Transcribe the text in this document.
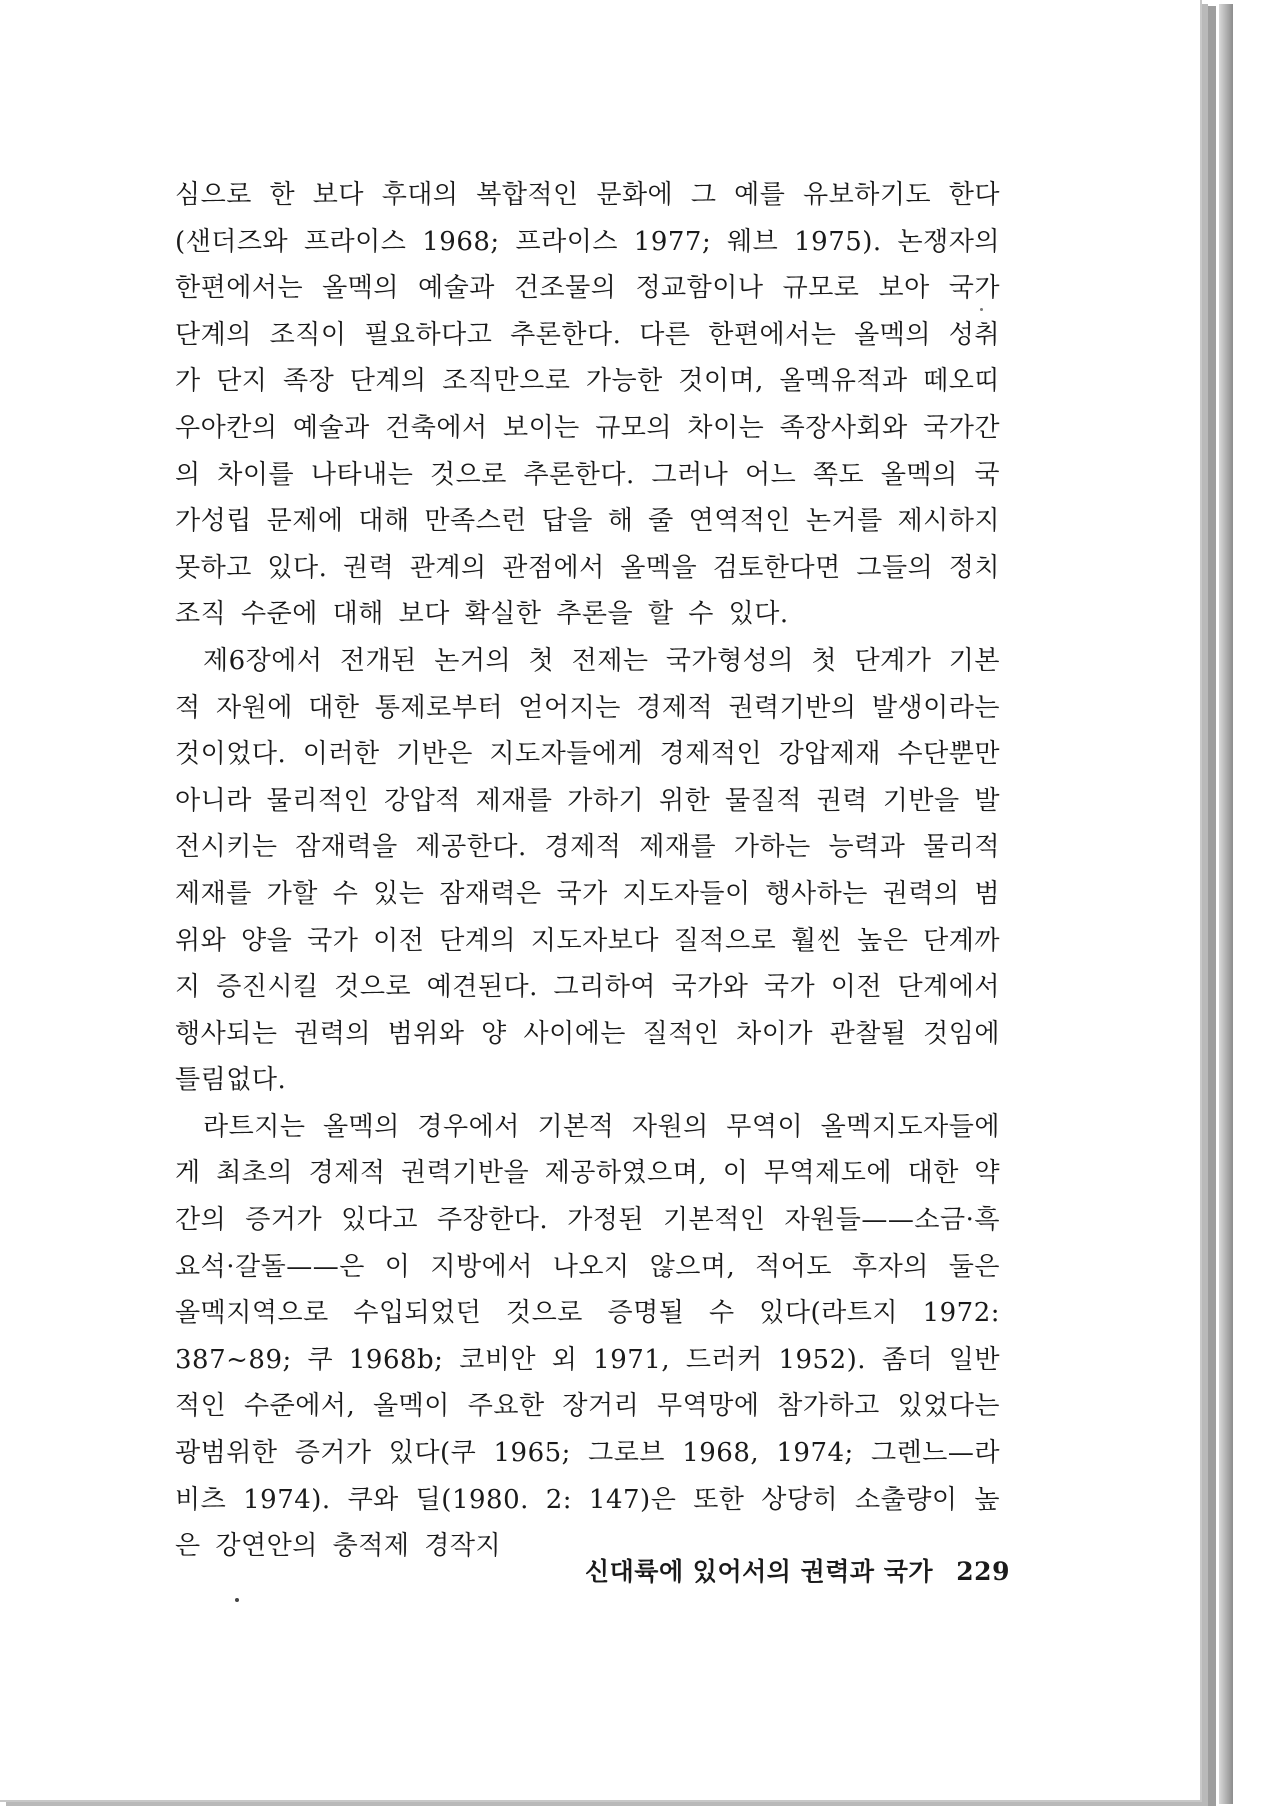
심으로 한 보다 후대의 복합적인 문화에 그 예를 유보하기도 한다(샌더즈와 프라이스 1968; 프라이스 1977; 웨브 1975). 논쟁자의 한편에서는 올멕의 예술과 건조물의 정교함이나 규모로 보아 국가 단계의 조직이 필요하다고 추론한다. 다른 한편에서는 올멕의 성취가 단지 족장 단계의 조직만으로 가능한 것이며, 올멕유적과 떼오띠우아칸의 예술과 건축에서 보이는 규모의 차이는 족장사회와 국가간의 차이를 나타내는 것으로 추론한다. 그러나 어느 쪽도 올멕의 국가성립 문제에 대해 만족스런 답을 해 줄 연역적인 논거를 제시하지 못하고 있다. 권력 관계의 관점에서 올멕을 검토한다면 그들의 정치 조직 수준에 대해 보다 확실한 추론을 할 수 있다.

제6장에서 전개된 논거의 첫 전제는 국가형성의 첫 단계가 기본적 자원에 대한 통제로부터 얻어지는 경제적 권력기반의 발생이라는 것이었다. 이러한 기반은 지도자들에게 경제적인 강압제재 수단뿐만 아니라 물리적인 강압적 제재를 가하기 위한 물질적 권력 기반을 발전시키는 잠재력을 제공한다. 경제적 제재를 가하는 능력과 물리적 제재를 가할 수 있는 잠재력은 국가 지도자들이 행사하는 권력의 범위와 양을 국가 이전 단계의 지도자보다 질적으로 훨씬 높은 단계까지 증진시킬 것으로 예견된다. 그리하여 국가와 국가 이전 단계에서 행사되는 권력의 범위와 양 사이에는 질적인 차이가 관찰될 것임에 틀림없다.

라트지는 올멕의 경우에서 기본적 자원의 무역이 올멕지도자들에게 최초의 경제적 권력기반을 제공하였으며, 이 무역제도에 대한 약간의 증거가 있다고 주장한다. 가정된 기본적인 자원들——소금·흑요석·갈돌——은 이 지방에서 나오지 않으며, 적어도 후자의 둘은 올멕지역으로 수입되었던 것으로 증명될 수 있다(라트지 1972: 387~89; 쿠 1968b; 코비안 외 1971, 드러커 1952). 좀더 일반적인 수준에서, 올멕이 주요한 장거리 무역망에 참가하고 있었다는 광범위한 증거가 있다(쿠 1965; 그로브 1968, 1974; 그렌느—라비츠 1974). 쿠와 딜(1980. 2: 147)은 또한 상당히 소출량이 높은 강연안의 충적제 경작지

신대륙에 있어서의 권력과 국가 229
